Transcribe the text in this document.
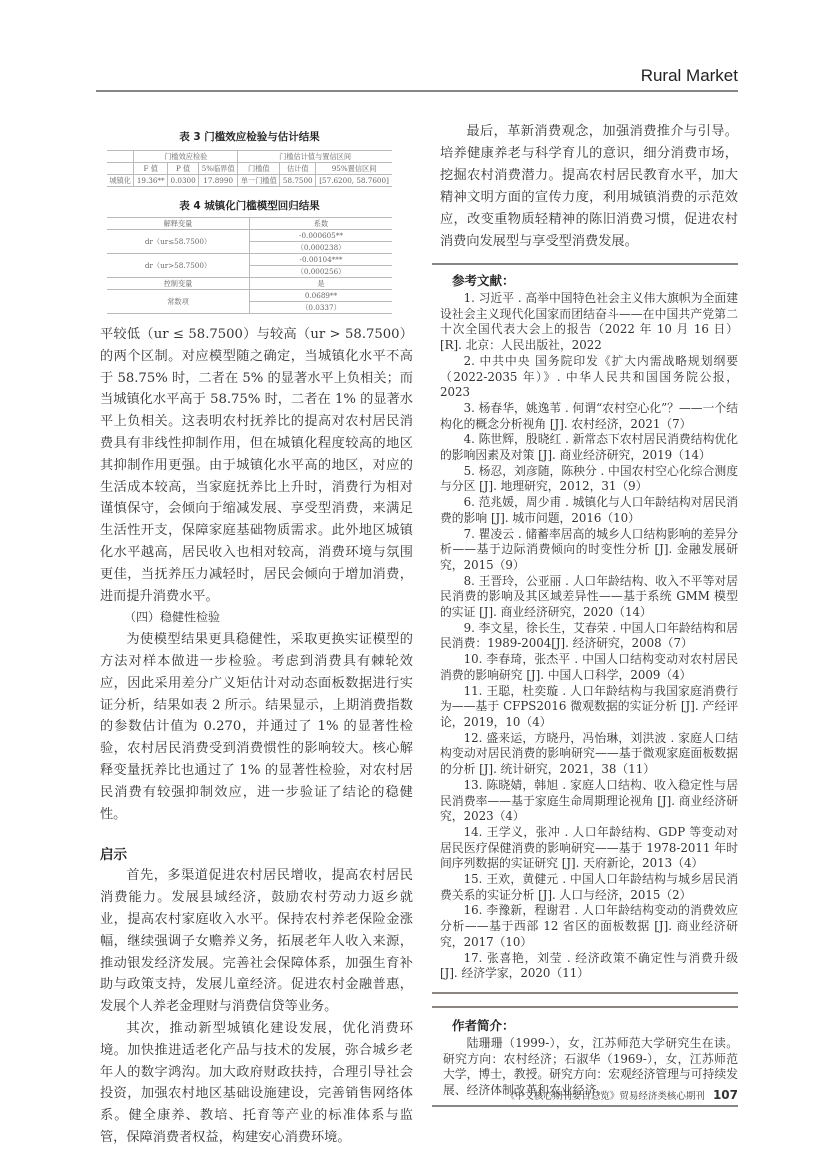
Rural Market
表 3 门槛效应检验与估计结果
	门槛效应检验			门槛估计值与置信区间		
	F 值	P 值	5%临界值	门槛值	估计值	95%置信区间
城镇化	19.36**	0.0300	17.8990	单一门槛值	58.7500	[57.6200, 58.7600]
表 4 城镇化门槛模型回归结果
解释变量	系数
dr（ur≤58.7500）	-0.000605**
	（0.000238）
dr（ur>58.7500）	-0.00104***
	（0.000256）
控制变量	是
常数项	0.0689**
	（0.0337）

平较低（ur ≤ 58.7500）与较高（ur > 58.7500）的两个区制。对应模型随之确定，当城镇化水平不高于 58.75% 时，二者在 5% 的显著水平上负相关；而当城镇化水平高于 58.75% 时，二者在 1% 的显著水平上负相关。这表明农村抚养比的提高对农村居民消费具有非线性抑制作用，但在城镇化程度较高的地区其抑制作用更强。由于城镇化水平高的地区，对应的生活成本较高，当家庭抚养比上升时，消费行为相对谨慎保守，会倾向于缩减发展、享受型消费，来满足生活性开支，保障家庭基础物质需求。此外地区城镇化水平越高，居民收入也相对较高，消费环境与氛围更佳，当抚养压力减轻时，居民会倾向于增加消费，进而提升消费水平。

（四）稳健性检验

为使模型结果更具稳健性，采取更换实证模型的方法对样本做进一步检验。考虑到消费具有棘轮效应，因此采用差分广义矩估计对动态面板数据进行实证分析，结果如表 2 所示。结果显示，上期消费指数的参数估计值为 0.270，并通过了 1% 的显著性检验，农村居民消费受到消费惯性的影响较大。核心解释变量抚养比也通过了 1% 的显著性检验，对农村居民消费有较强抑制效应，进一步验证了结论的稳健性。

启示

首先，多渠道促进农村居民增收，提高农村居民消费能力。发展县域经济，鼓励农村劳动力返乡就业，提高农村家庭收入水平。保持农村养老保险金涨幅，继续强调子女赡养义务，拓展老年人收入来源，推动银发经济发展。完善社会保障体系，加强生育补助与政策支持，发展儿童经济。促进农村金融普惠，发展个人养老金理财与消费信贷等业务。

其次，推动新型城镇化建设发展，优化消费环境。加快推进适老化产品与技术的发展，弥合城乡老年人的数字鸿沟。加大政府财政扶持，合理引导社会投资，加强农村地区基础设施建设，完善销售网络体系。健全康养、教培、托育等产业的标准体系与监管，保障消费者权益，构建安心消费环境。

最后，革新消费观念，加强消费推介与引导。培养健康养老与科学育儿的意识，细分消费市场，挖掘农村消费潜力。提高农村居民教育水平，加大精神文明方面的宣传力度，利用城镇消费的示范效应，改变重物质轻精神的陈旧消费习惯，促进农村消费向发展型与享受型消费发展。

参考文献：

1. 习近平 . 高举中国特色社会主义伟大旗帜为全面建设社会主义现代化国家而团结奋斗——在中国共产党第二十次全国代表大会上的报告（2022 年 10 月 16 日）[R]. 北京：人民出版社，2022

2. 中共中央 国务院印发《扩大内需战略规划纲要（2022-2035 年）》. 中华人民共和国国务院公报，2023

3. 杨春华，姚逸苇 . 何谓“农村空心化”？——一个结构化的概念分析视角 [J]. 农村经济，2021（7）

4. 陈世辉，殷晓红 . 新常态下农村居民消费结构优化的影响因素及对策 [J]. 商业经济研究，2019（14）

5. 杨忍，刘彦随，陈秧分 . 中国农村空心化综合测度与分区 [J]. 地理研究，2012，31（9）

6. 范兆媛，周少甫 . 城镇化与人口年龄结构对居民消费的影响 [J]. 城市问题，2016（10）

7. 瞿凌云 . 储蓄率居高的城乡人口结构影响的差异分析——基于边际消费倾向的时变性分析 [J]. 金融发展研究，2015（9）

8. 王晋玲，公亚丽 . 人口年龄结构、收入不平等对居民消费的影响及其区域差异性——基于系统 GMM 模型的实证 [J]. 商业经济研究，2020（14）

9. 李文星，徐长生，艾春荣 . 中国人口年龄结构和居民消费：1989-2004[J]. 经济研究，2008（7）

10. 李春琦，张杰平 . 中国人口结构变动对农村居民消费的影响研究 [J]. 中国人口科学，2009（4）

11. 王聪，杜奕璇 . 人口年龄结构与我国家庭消费行为——基于 CFPS2016 微观数据的实证分析 [J]. 产经评论，2019，10（4）

12. 盛来运，方晓丹，冯怡琳，刘洪波 . 家庭人口结构变动对居民消费的影响研究——基于微观家庭面板数据的分析 [J]. 统计研究，2021，38（11）

13. 陈晓婧，韩旭 . 家庭人口结构、收入稳定性与居民消费率——基于家庭生命周期理论视角 [J]. 商业经济研究，2023（4）

14. 王学义，张冲 . 人口年龄结构、GDP 等变动对居民医疗保健消费的影响研究——基于 1978-2011 年时间序列数据的实证研究 [J]. 天府新论，2013（4）

15. 王欢，黄健元 . 中国人口年龄结构与城乡居民消费关系的实证分析 [J]. 人口与经济，2015（2）

16. 李豫新，程谢君 . 人口年龄结构变动的消费效应分析——基于西部 12 省区的面板数据 [J]. 商业经济研究，2017（10）

17. 张喜艳，刘莹 . 经济政策不确定性与消费升级 [J]. 经济学家，2020（11）

作者简介：

陆珊珊（1999-），女，江苏师范大学研究生在读。研究方向：农村经济；石淑华（1969-），女，江苏师范大学，博士，教授。研究方向：宏观经济管理与可持续发展、经济体制改革和农业经济。

《中文核心期刊要目总览》贸易经济类核心期刊 107
